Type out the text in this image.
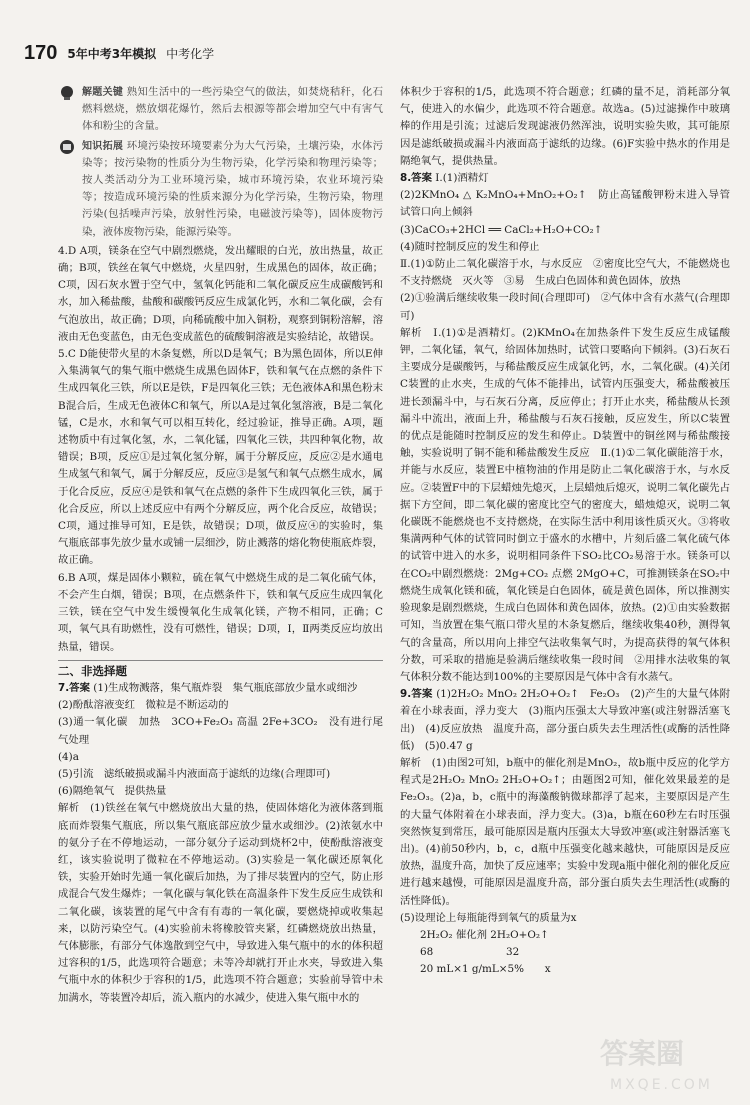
170 5年中考3年模拟 中考化学
解题关键 熟知生活中的一些污染空气的做法，如焚烧秸秆，化石燃料燃烧，燃放烟花爆竹，然后去根源等都会增加空气中有害气体和粉尘的含量。
知识拓展 环境污染按环境要素分为大气污染，土壤污染，水体污染等；按污染物的性质分为生物污染，化学污染和物理污染等；按人类活动分为工业环境污染，城市环境污染，农业环境污染等；按造成环境污染的性质来源分为化学污染，生物污染，物理污染(包括噪声污染，放射性污染，电磁波污染等)，固体废物污染，液体废物污染，能源污染等。

4.D A项，镁条在空气中剧烈燃烧，发出耀眼的白光，放出热量，故正确；B项，铁丝在氧气中燃烧，火星四射，生成黑色的固体，故正确；C项，因石灰水置于空气中，氢氧化钙能和二氧化碳反应生成碳酸钙和水，加入稀盐酸，盐酸和碳酸钙反应生成氯化钙，水和二氧化碳，会有气泡放出，故正确；D项，向稀硫酸中加入铜粉，观察到铜粉溶解，溶液由无色变蓝色，由无色变成蓝色的硫酸铜溶液是实验结论，故错误。

5.C D能使带火星的木条复燃，所以D是氧气；B为黑色固体，所以E伸入集满氧气的集气瓶中燃烧生成黑色固体F，铁和氧气在点燃的条件下生成四氧化三铁，所以E是铁，F是四氧化三铁；无色液体A和黑色粉末B混合后，生成无色液体C和氧气，所以A是过氧化氢溶液，B是二氧化锰，C是水，水和氧气可以相互转化，经过验证，推导正确。A项，题述物质中有过氧化氢，水，二氧化锰，四氧化三铁，共四种氧化物，故错误；B项，反应①是过氧化氢分解，属于分解反应，反应②是水通电生成氢气和氧气，属于分解反应，反应③是氢气和氧气点燃生成水，属于化合反应，反应④是铁和氧气在点燃的条件下生成四氧化三铁，属于化合反应，所以上述反应中有两个分解反应，两个化合反应，故错误；C项，通过推导可知，E是铁，故错误；D项，做反应④的实验时，集气瓶底部事先放少量水或铺一层细沙，防止溅落的熔化物使瓶底炸裂，故正确。

6.B A项，煤是固体小颗粒，硫在氧气中燃烧生成的是二氧化硫气体，不会产生白烟，错误；B项，在点燃条件下，铁和氧气反应生成四氧化三铁，镁在空气中发生缓慢氧化生成氧化镁，产物不相同，正确；C项，氧气具有助燃性，没有可燃性，错误；D项，Ⅰ，Ⅱ两类反应均放出热量，错误。

二、非选择题

7.答案 (1)生成物溅落，集气瓶炸裂　集气瓶底部放少量水或细沙

(2)酚酞溶液变红　微粒是不断运动的

(3)通一氧化碳　加热　3CO+Fe₂O₃ 高温 2Fe+3CO₂　没有进行尾气处理

(4)a

(5)引流　滤纸破损或漏斗内液面高于滤纸的边缘(合理即可)

(6)隔绝氧气　提供热量

解析　(1)铁丝在氧气中燃烧放出大量的热，使固体熔化为液体落到瓶底而炸裂集气瓶底，所以集气瓶底部应放少量水或细沙。(2)浓氨水中的氨分子在不停地运动，一部分氨分子运动到烧杯2中，使酚酞溶液变红，该实验说明了微粒在不停地运动。(3)实验是一氧化碳还原氧化铁，实验开始时先通一氧化碳后加热，为了排尽装置内的空气，防止形成混合气发生爆炸；一氧化碳与氧化铁在高温条件下发生反应生成铁和二氧化碳，该装置的尾气中含有有毒的一氧化碳，要燃烧掉或收集起来，以防污染空气。(4)实验前未将橡胶管夹紧，红磷燃烧放出热量，气体膨胀，有部分气体逸散到空气中，导致进入集气瓶中的水的体积超过容积的1/5，此选项符合题意；未等冷却就打开止水夹，导致进入集气瓶中水的体积少于容积的1/5，此选项不符合题意；实验前导管中未加满水，等装置冷却后，流入瓶内的水减少，使进入集气瓶中水的

体积少于容积的1/5，此选项不符合题意；红磷的量不足，消耗部分氧气，使进入的水偏少，此选项不符合题意。故选a。(5)过滤操作中玻璃棒的作用是引流；过滤后发现滤液仍然浑浊，说明实验失败，其可能原因是滤纸破损或漏斗内液面高于滤纸的边缘。(6)F实验中热水的作用是隔绝氧气，提供热量。

8.答案 Ⅰ.(1)酒精灯

(2)2KMnO₄ △ K₂MnO₄+MnO₂+O₂↑　防止高锰酸钾粉末进入导管　试管口向上倾斜

(3)CaCO₃+2HCl ══ CaCl₂+H₂O+CO₂↑

(4)随时控制反应的发生和停止

Ⅱ.(1)①防止二氧化碳溶于水，与水反应　②密度比空气大，不能燃烧也不支持燃烧　灭火等　③易　生成白色固体和黄色固体，放热

(2)①验满后继续收集一段时间(合理即可)　②气体中含有水蒸气(合理即可)

解析　Ⅰ.(1)①是酒精灯。(2)KMnO₄在加热条件下发生反应生成锰酸钾，二氧化锰，氧气，给固体加热时，试管口要略向下倾斜。(3)石灰石主要成分是碳酸钙，与稀盐酸反应生成氯化钙，水，二氧化碳。(4)关闭C装置的止水夹，生成的气体不能排出，试管内压强变大，稀盐酸被压进长颈漏斗中，与石灰石分离，反应停止；打开止水夹，稀盐酸从长颈漏斗中流出，液面上升，稀盐酸与石灰石接触，反应发生，所以C装置的优点是能随时控制反应的发生和停止。D装置中的铜丝网与稀盐酸接触，实验说明了铜不能和稀盐酸发生反应　Ⅱ.(1)①二氧化碳能溶于水，并能与水反应，装置E中植物油的作用是防止二氧化碳溶于水，与水反应。②装置F中的下层蜡烛先熄灭，上层蜡烛后熄灭，说明二氧化碳先占据下方空间，即二氧化碳的密度比空气的密度大，蜡烛熄灭，说明二氧化碳既不能燃烧也不支持燃烧，在实际生活中利用该性质灭火。③将收集满两种气体的试管同时倒立于盛水的水槽中，片刻后盛二氧化硫气体的试管中进入的水多，说明相同条件下SO₂比CO₂易溶于水。镁条可以在CO₂中剧烈燃烧：2Mg+CO₂ 点燃 2MgO+C，可推测镁条在SO₂中燃烧生成氧化镁和硫，氧化镁是白色固体，硫是黄色固体，所以推测实验现象是剧烈燃烧，生成白色固体和黄色固体，放热。(2)①由实验数据可知，当放置在集气瓶口带火星的木条复燃后，继续收集40秒，测得氧气的含量高，所以用向上排空气法收集氧气时，为提高获得的氧气体积分数，可采取的措施是验满后继续收集一段时间　②用排水法收集的氧气体积分数不能达到100%的主要原因是气体中含有水蒸气。

9.答案 (1)2H₂O₂ MnO₂ 2H₂O+O₂↑　Fe₂O₃　(2)产生的大量气体附着在小球表面，浮力变大　(3)瓶内压强太大导致冲塞(或注射器活塞飞出)　(4)反应放热　温度升高，部分蛋白质失去生理活性(或酶的活性降低)　(5)0.47 g

解析　(1)由图2可知，b瓶中的催化剂是MnO₂，故b瓶中反应的化学方程式是2H₂O₂ MnO₂ 2H₂O+O₂↑；由题图2可知，催化效果最差的是Fe₂O₃。(2)a，b，c瓶中的海藻酸钠微球都浮了起来，主要原因是产生的大量气体附着在小球表面，浮力变大。(3)a，b瓶在60秒左右时压强突然恢复到常压，最可能原因是瓶内压强太大导致冲塞(或注射器活塞飞出)。(4)前50秒内，b，c，d瓶中压强变化越来越快，可能原因是反应放热，温度升高，加快了反应速率；实验中发现a瓶中催化剂的催化反应进行越来越慢，可能原因是温度升高，部分蛋白质失去生理活性(或酶的活性降低)。

(5)设理论上每瓶能得到氧气的质量为x

2H₂O₂ 催化剂 2H₂O+O₂↑

68　　　　　　　32

20 mL×1 g/mL×5%　　x

答案圈
MXQE.COM
